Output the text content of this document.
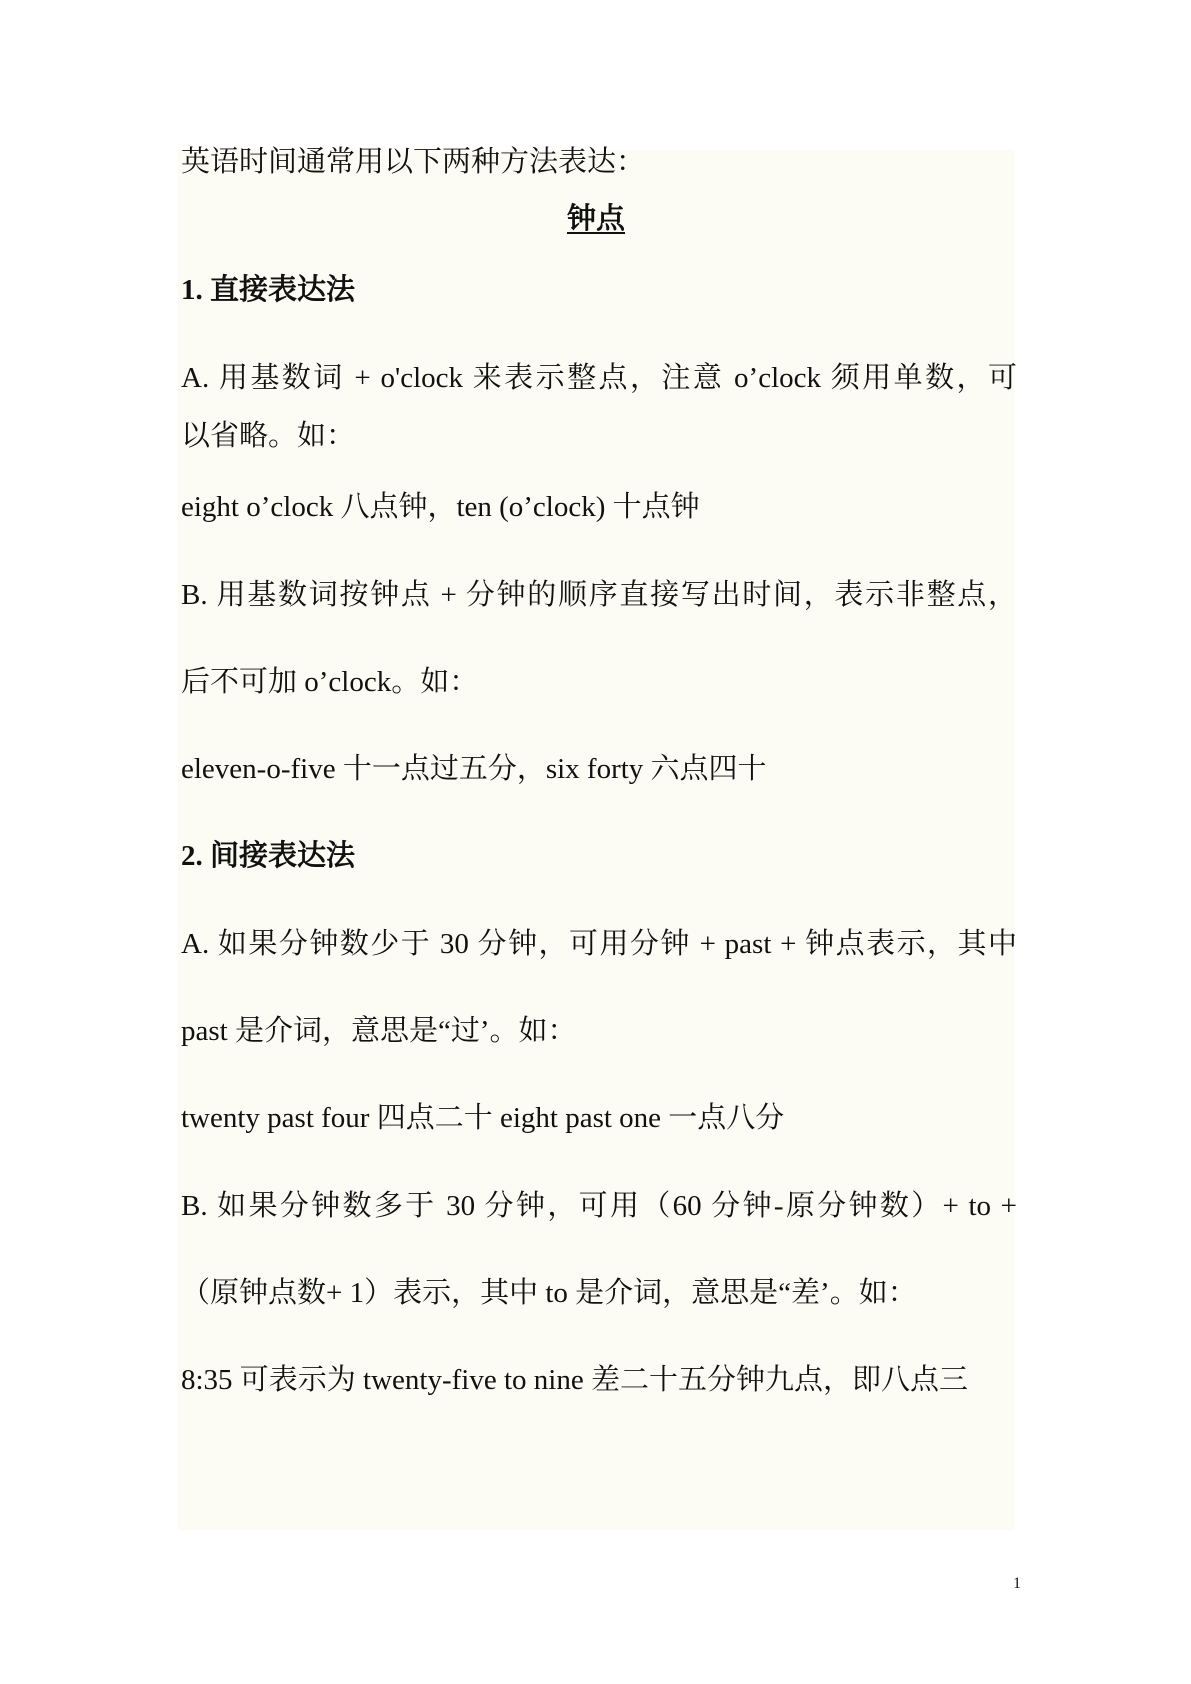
英语时间通常用以下两种方法表达：
钟点
1. 直接表达法
A. 用基数词 + o'clock 来表示整点，注意 o’clock 须用单数，可
以省略。如：
eight o’clock 八点钟，ten (o’clock) 十点钟
B. 用基数词按钟点 + 分钟的顺序直接写出时间，表示非整点，
后不可加 o’clock。如：
eleven-o-five 十一点过五分，six forty 六点四十
2. 间接表达法
A. 如果分钟数少于 30 分钟，可用分钟 + past + 钟点表示，其中
past 是介词，意思是“过’。如：
twenty past four 四点二十 eight past one 一点八分
B. 如果分钟数多于 30 分钟，可用（60 分钟-原分钟数）+ to +
（原钟点数+ 1）表示，其中 to 是介词，意思是“差’。如：
8:35 可表示为 twenty-five to nine 差二十五分钟九点，即八点三
1
